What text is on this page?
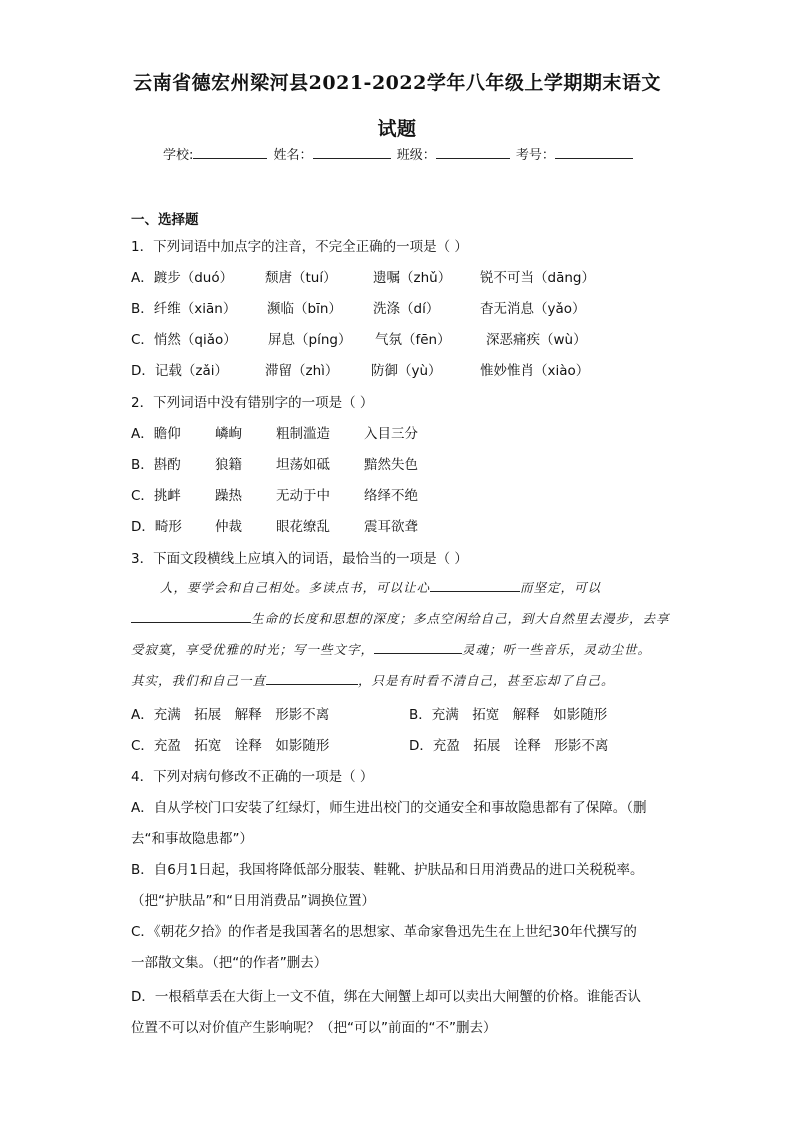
云南省德宏州梁河县2021-2022学年八年级上学期期末语文
试题
学校:	姓名：	班级：	考号：
一、选择题
1．下列词语中加点字的注音，不完全正确的一项是（ ）
A．踱步（duó） 颓唐（tuí）	遗嘱（zhǔ） 锐不可当（dāng）
B．纤维（xiān） 濒临（bīn） 洗涤（dí）	杳无消息（yǎo）
C．悄然（qiǎo） 屏息（píng） 气氛（fēn）	深恶痛疾（wù）
D．记载（zǎi）	滞留（zhì） 防御（yù）	惟妙惟肖（xiào）
2．下列词语中没有错别字的一项是（ ）
A．瞻仰	嶙峋	粗制滥造	入目三分
B．斟酌	狼籍	坦荡如砥	黯然失色
C．挑衅	躁热	无动于中	络绎不绝
D．畸形 仲裁	眼花缭乱	震耳欲聋
3．下面文段横线上应填入的词语，最恰当的一项是（ ）
人，要学会和自己相处。多读点书，可以让心	而坚定，可以
生命的长度和思想的深度；多点空闲给自己，到大自然里去漫步，去享
受寂寞，享受优雅的时光；写一些文字，	灵魂；听一些音乐，灵动尘世。
其实，我们和自己一直	，只是有时看不清自己，甚至忘却了自己。
A．充满　拓展　解释　形影不离	B．充满　拓宽　解释　如影随形
C．充盈　拓宽　诠释　如影随形	D．充盈　拓展　诠释　形影不离
4．下列对病句修改不正确的一项是（ ）
A．自从学校门口安装了红绿灯，师生进出校门的交通安全和事故隐患都有了保障。（删
去“和事故隐患都”）
B．自6月1日起，我国将降低部分服装、鞋靴、护肤品和日用消费品的进口关税税率。
（把“护肤品”和“日用消费品”调换位置）
C．《朝花夕拾》的作者是我国著名的思想家、革命家鲁迅先生在上世纪30年代撰写的
一部散文集。（把“的作者”删去）
D．一根稻草丢在大街上一文不值，绑在大闸蟹上却可以卖出大闸蟹的价格。谁能否认
位置不可以对价值产生影响呢？（把“可以”前面的“不”删去）
